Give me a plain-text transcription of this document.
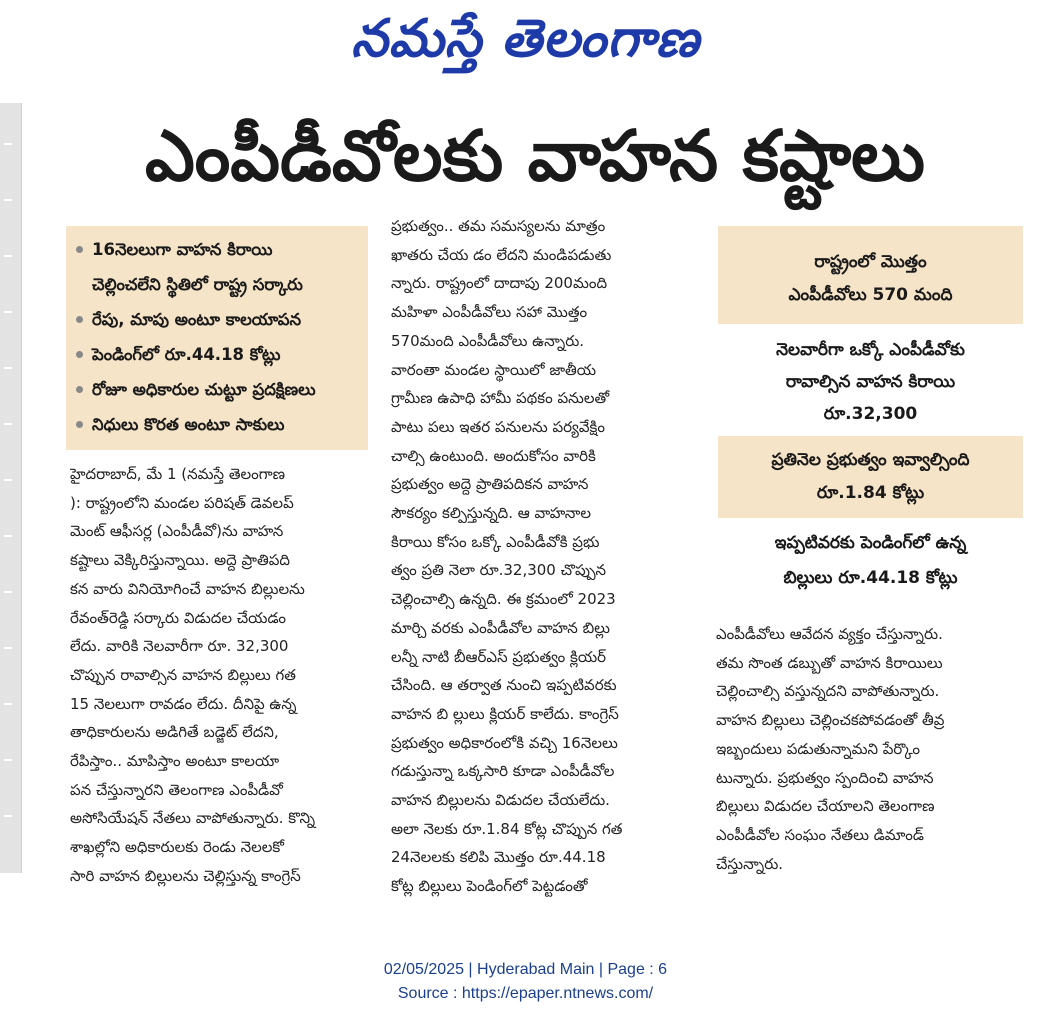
నమస్తే తెలంగాణ
ఎంపీడీవోలకు వాహన కష్టాలు
16నెలలుగా వాహన కిరాయి
చెల్లించలేని స్థితిలో రాష్ట్ర సర్కారు
రేపు, మాపు అంటూ కాలయాపన
పెండింగ్‌లో రూ.44.18 కోట్లు
రోజూ అధికారుల చుట్టూ ప్రదక్షిణలు
నిధులు కొరత అంటూ సాకులు

హైదరాబాద్, మే 1 (నమస్తే తెలంగాణ

): రాష్ట్రంలోని మండల పరిషత్ డెవలప్

మెంట్ ఆఫీసర్ల (ఎంపీడీవో)ను వాహన

కష్టాలు వెక్కిరిస్తున్నాయి. అద్దె ప్రాతిపది

కన వారు వినియోగించే వాహన బిల్లులను

రేవంత్‌రెడ్డి సర్కారు విడుదల చేయడం

లేదు. వారికి నెలవారీగా రూ. 32,300

చొప్పున రావాల్సిన వాహన బిల్లులు గత

15 నెలలుగా రావడం లేదు. దీనిపై ఉన్న

తాధికారులను అడిగితే బడ్జెట్ లేదని,

రేపిస్తాం.. మాపిస్తాం అంటూ కాలయా

పన చేస్తున్నారని తెలంగాణ ఎంపీడీవో

అసోసియేషన్ నేతలు వాపోతున్నారు. కొన్ని

శాఖల్లోని అధికారులకు రెండు నెలలకో

సారి వాహన బిల్లులను చెల్లిస్తున్న కాంగ్రెస్

ప్రభుత్వం.. తమ సమస్యలను మాత్రం

ఖాతరు చేయ డం లేదని మండిపడుతు

న్నారు. రాష్ట్రంలో దాదాపు 200మంది

మహిళా ఎంపీడీవోలు సహా మొత్తం

570మంది ఎంపీడీవోలు ఉన్నారు.

వారంతా మండల స్థాయిలో జాతీయ

గ్రామీణ ఉపాధి హామీ పథకం పనులతో

పాటు పలు ఇతర పనులను పర్యవేక్షిం

చాల్సి ఉంటుంది. అందుకోసం వారికి

ప్రభుత్వం అద్దె ప్రాతిపదికన వాహన

సౌకర్యం కల్పిస్తున్నది. ఆ వాహనాల

కిరాయి కోసం ఒక్కో ఎంపీడీవోకి ప్రభు

త్వం ప్రతి నెలా రూ.32,300 చొప్పున

చెల్లించాల్సి ఉన్నది. ఈ క్రమంలో 2023

మార్చి వరకు ఎంపీడీవోల వాహన బిల్లు

లన్నీ నాటి బీఆర్‌ఎస్ ప్రభుత్వం క్లియర్

చేసింది. ఆ తర్వాత నుంచి ఇప్పటివరకు

వాహన బి ల్లులు క్లియర్ కాలేదు. కాంగ్రెస్

ప్రభుత్వం అధికారంలోకి వచ్చి 16నెలలు

గడుస్తున్నా ఒక్కసారి కూడా ఎంపీడీవోల

వాహన బిల్లులను విడుదల చేయలేదు.

అలా నెలకు రూ.1.84 కోట్ల చొప్పున గత

24నెలలకు కలిపి మొత్తం రూ.44.18

కోట్ల బిల్లులు పెండింగ్‌లో పెట్టడంతో

రాష్ట్రంలో మొత్తం

ఎంపీడీవోలు 570 మంది

నెలవారీగా ఒక్కో ఎంపీడీవోకు

రావాల్సిన వాహన కిరాయి

రూ.32,300

ప్రతినెల ప్రభుత్వం ఇవ్వాల్సింది

రూ.1.84 కోట్లు

ఇప్పటివరకు పెండింగ్‌లో ఉన్న

బిల్లులు రూ.44.18 కోట్లు

ఎంపీడీవోలు ఆవేదన వ్యక్తం చేస్తున్నారు.

తమ సొంత డబ్బుతో వాహన కిరాయిలు

చెల్లించాల్సి వస్తున్నదని వాపోతున్నారు.

వాహన బిల్లులు చెల్లించకపోవడంతో తీవ్ర

ఇబ్బందులు పడుతున్నామని పేర్కొం

టున్నారు. ప్రభుత్వం స్పందించి వాహన

బిల్లులు విడుదల చేయాలని తెలంగాణ

ఎంపీడీవోల సంఘం నేతలు డిమాండ్

చేస్తున్నారు.

02/05/2025 | Hyderabad Main | Page : 6
Source : https://epaper.ntnews.com/
